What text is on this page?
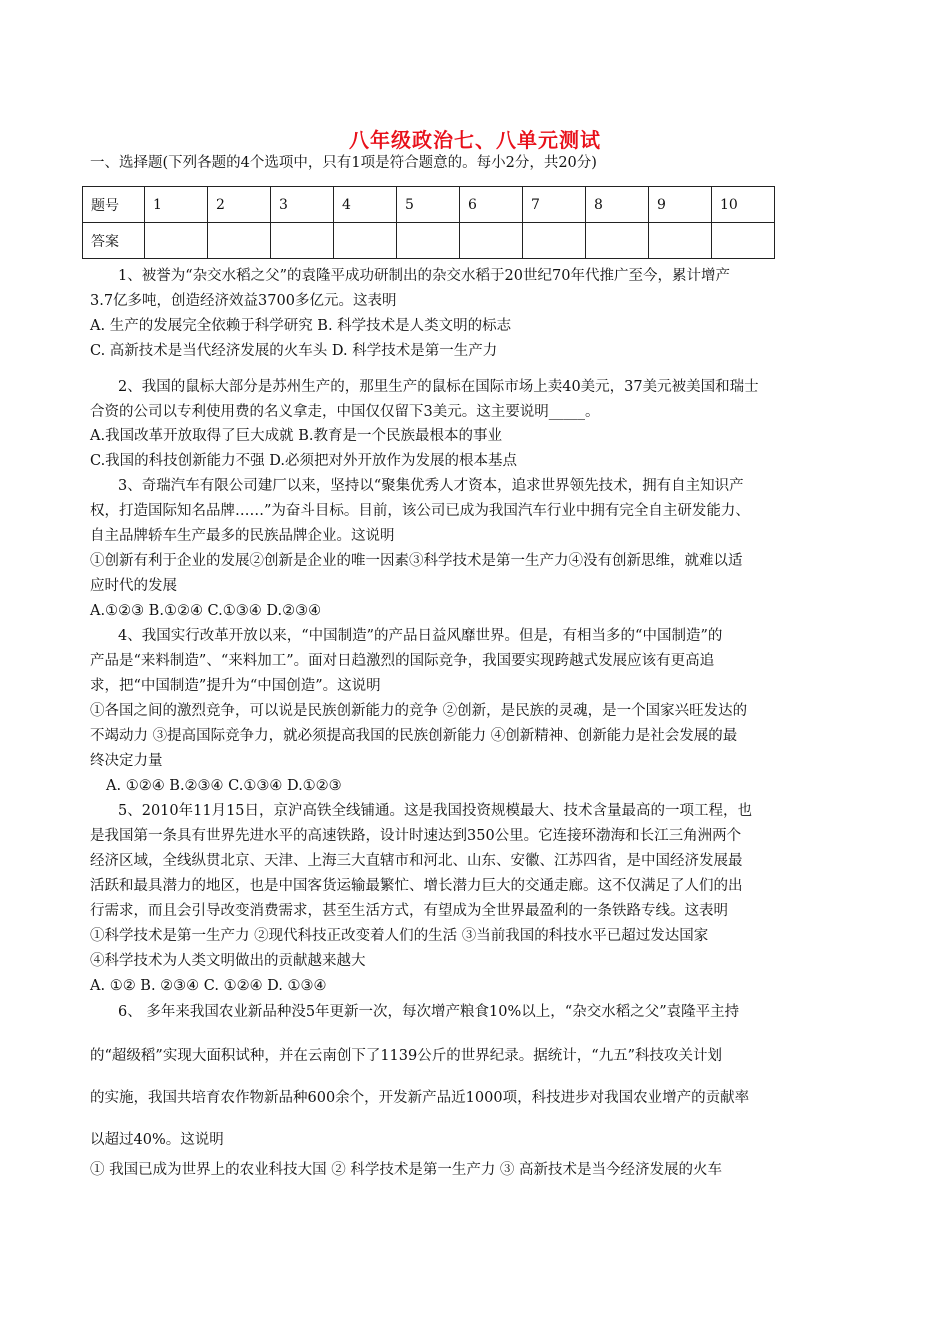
八年级政治七、八单元测试
一、选择题(下列各题的4个选项中，只有1项是符合题意的。每小2分，共20分)
题号	1	2	3	4	5	6	7	8	9	10
答案										
1、被誉为“杂交水稻之父”的袁隆平成功研制出的杂交水稻于20世纪70年代推广至今，累计增产
3.7亿多吨，创造经济效益3700多亿元。这表明
A. 生产的发展完全依赖于科学研究 B. 科学技术是人类文明的标志
C. 高新技术是当代经济发展的火车头 D. 科学技术是第一生产力
2、我国的鼠标大部分是苏州生产的，那里生产的鼠标在国际市场上卖40美元，37美元被美国和瑞士
合资的公司以专利使用费的名义拿走，中国仅仅留下3美元。这主要说明_____。
A.我国改革开放取得了巨大成就 B.教育是一个民族最根本的事业
C.我国的科技创新能力不强 D.必须把对外开放作为发展的根本基点
3、奇瑞汽车有限公司建厂以来，坚持以“聚集优秀人才资本，追求世界领先技术，拥有自主知识产
权，打造国际知名品牌……”为奋斗目标。目前，该公司已成为我国汽车行业中拥有完全自主研发能力、
自主品牌轿车生产最多的民族品牌企业。这说明
①创新有利于企业的发展②创新是企业的唯一因素③科学技术是第一生产力④没有创新思维，就难以适
应时代的发展
A.①②③ B.①②④ C.①③④ D.②③④
4、我国实行改革开放以来，“中国制造”的产品日益风靡世界。但是，有相当多的“中国制造”的
产品是“来料制造”、“来料加工”。面对日趋激烈的国际竞争，我国要实现跨越式发展应该有更高追
求，把“中国制造”提升为“中国创造”。这说明
①各国之间的激烈竞争，可以说是民族创新能力的竞争 ②创新，是民族的灵魂，是一个国家兴旺发达的
不竭动力 ③提高国际竞争力，就必须提高我国的民族创新能力 ④创新精神、创新能力是社会发展的最
终决定力量
A. ①②④ B.②③④ C.①③④ D.①②③
5、2010年11月15日，京沪高铁全线铺通。这是我国投资规模最大、技术含量最高的一项工程，也
是我国第一条具有世界先进水平的高速铁路，设计时速达到350公里。它连接环渤海和长江三角洲两个
经济区域，全线纵贯北京、天津、上海三大直辖市和河北、山东、安徽、江苏四省，是中国经济发展最
活跃和最具潜力的地区，也是中国客货运输最繁忙、增长潜力巨大的交通走廊。这不仅满足了人们的出
行需求，而且会引导改变消费需求，甚至生活方式，有望成为全世界最盈利的一条铁路专线。这表明
①科学技术是第一生产力 ②现代科技正改变着人们的生活 ③当前我国的科技水平已超过发达国家
④科学技术为人类文明做出的贡献越来越大
A. ①② B. ②③④ C. ①②④ D. ①③④
6、 多年来我国农业新品种没5年更新一次，每次增产粮食10%以上，“杂交水稻之父”袁隆平主持
的“超级稻”实现大面积试种，并在云南创下了1139公斤的世界纪录。据统计，“九五”科技攻关计划
的实施，我国共培育农作物新品种600余个，开发新产品近1000项，科技进步对我国农业增产的贡献率
以超过40%。这说明
① 我国已成为世界上的农业科技大国 ② 科学技术是第一生产力 ③ 高新技术是当今经济发展的火车
